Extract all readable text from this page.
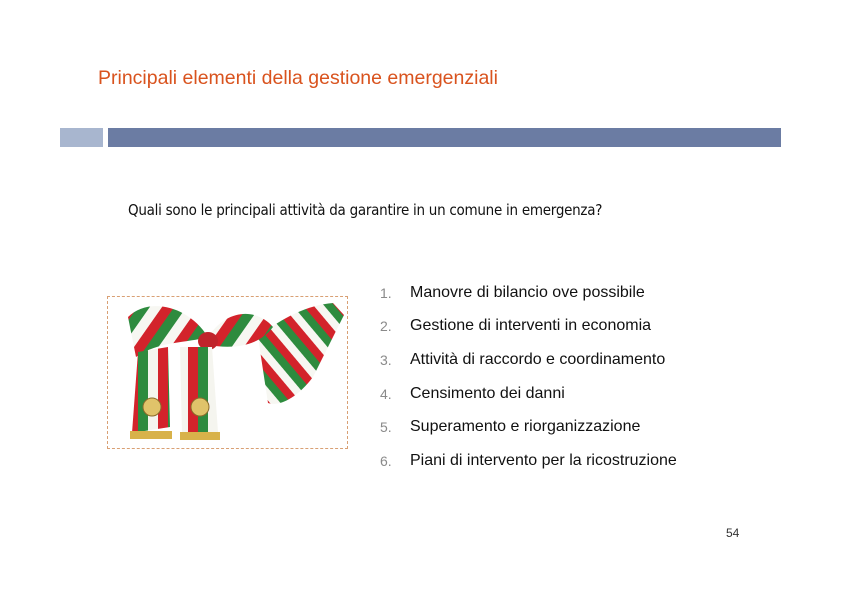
Principali elementi della gestione emergenziali
Quali sono le principali attività da garantire in un comune in emergenza?
1.	Manovre di bilancio ove possibile
2.	Gestione di interventi in economia
3.	Attività di raccordo e coordinamento
4.	Censimento dei danni
5.	Superamento e riorganizzazione
6.	Piani di intervento per la ricostruzione
54
